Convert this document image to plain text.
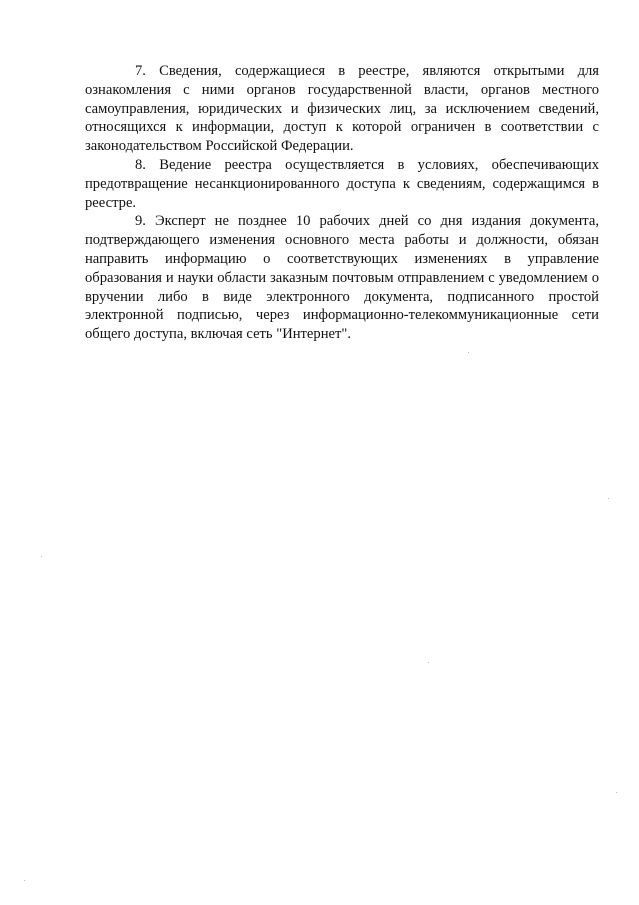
7. Сведения, содержащиеся в реестре, являются открытыми для ознакомления с ними органов государственной власти, органов местного самоуправления, юридических и физических лиц, за исключением сведений, относящихся к информации, доступ к которой ограничен в соответствии с законодательством Российской Федерации.

8. Ведение реестра осуществляется в условиях, обеспечивающих предотвращение несанкционированного доступа к сведениям, содержащимся в реестре.

9. Эксперт не позднее 10 рабочих дней со дня издания документа, подтверждающего изменения основного места работы и должности, обязан направить информацию о соответствующих изменениях в управление образования и науки области заказным почтовым отправлением с уведомлением о вручении либо в виде электронного документа, подписанного простой электронной подписью, через информационно-телекоммуникационные сети общего доступа, включая сеть "Интернет".
